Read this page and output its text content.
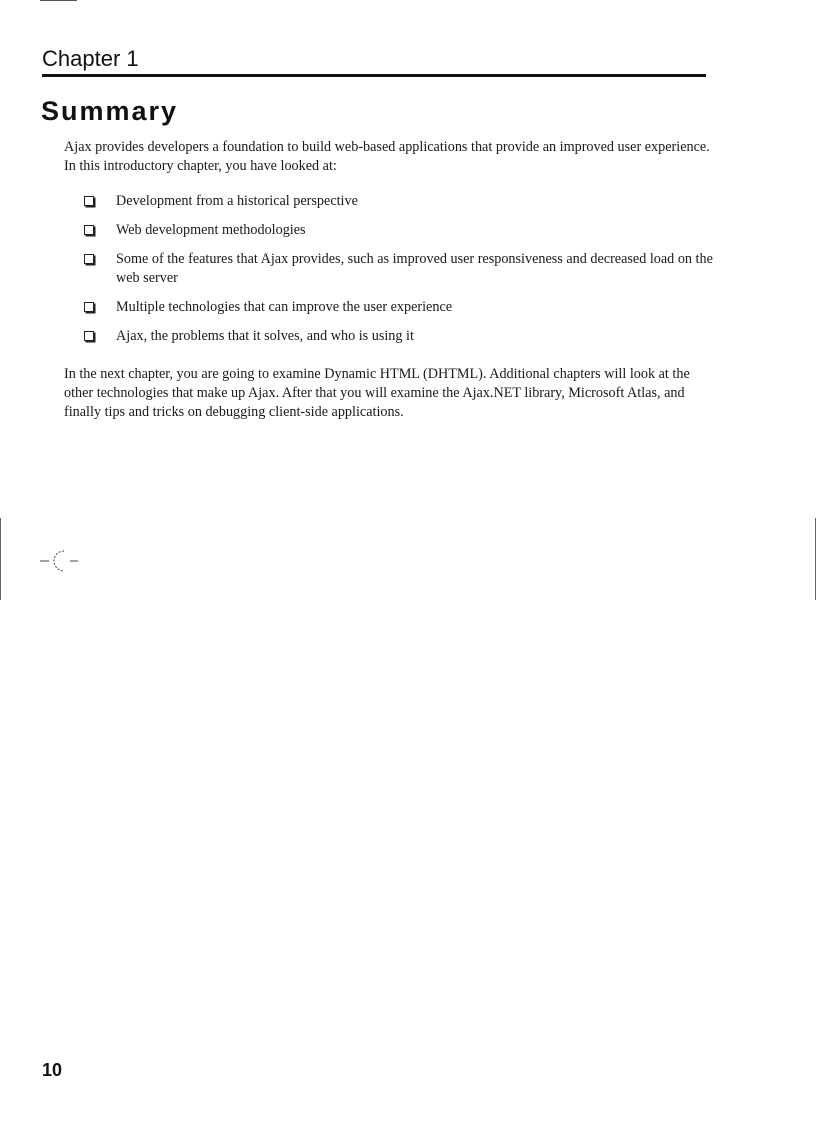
Chapter 1
Summary

Ajax provides developers a foundation to build web-based applications that provide an improved user experience. In this introductory chapter, you have looked at:

Development from a historical perspective
Web development methodologies
Some of the features that Ajax provides, such as improved user responsiveness and decreased load on the web server
Multiple technologies that can improve the user experience
Ajax, the problems that it solves, and who is using it

In the next chapter, you are going to examine Dynamic HTML (DHTML). Additional chapters will look at the other technologies that make up Ajax. After that you will examine the Ajax.NET library, Microsoft Atlas, and finally tips and tricks on debugging client-side applications.

10
